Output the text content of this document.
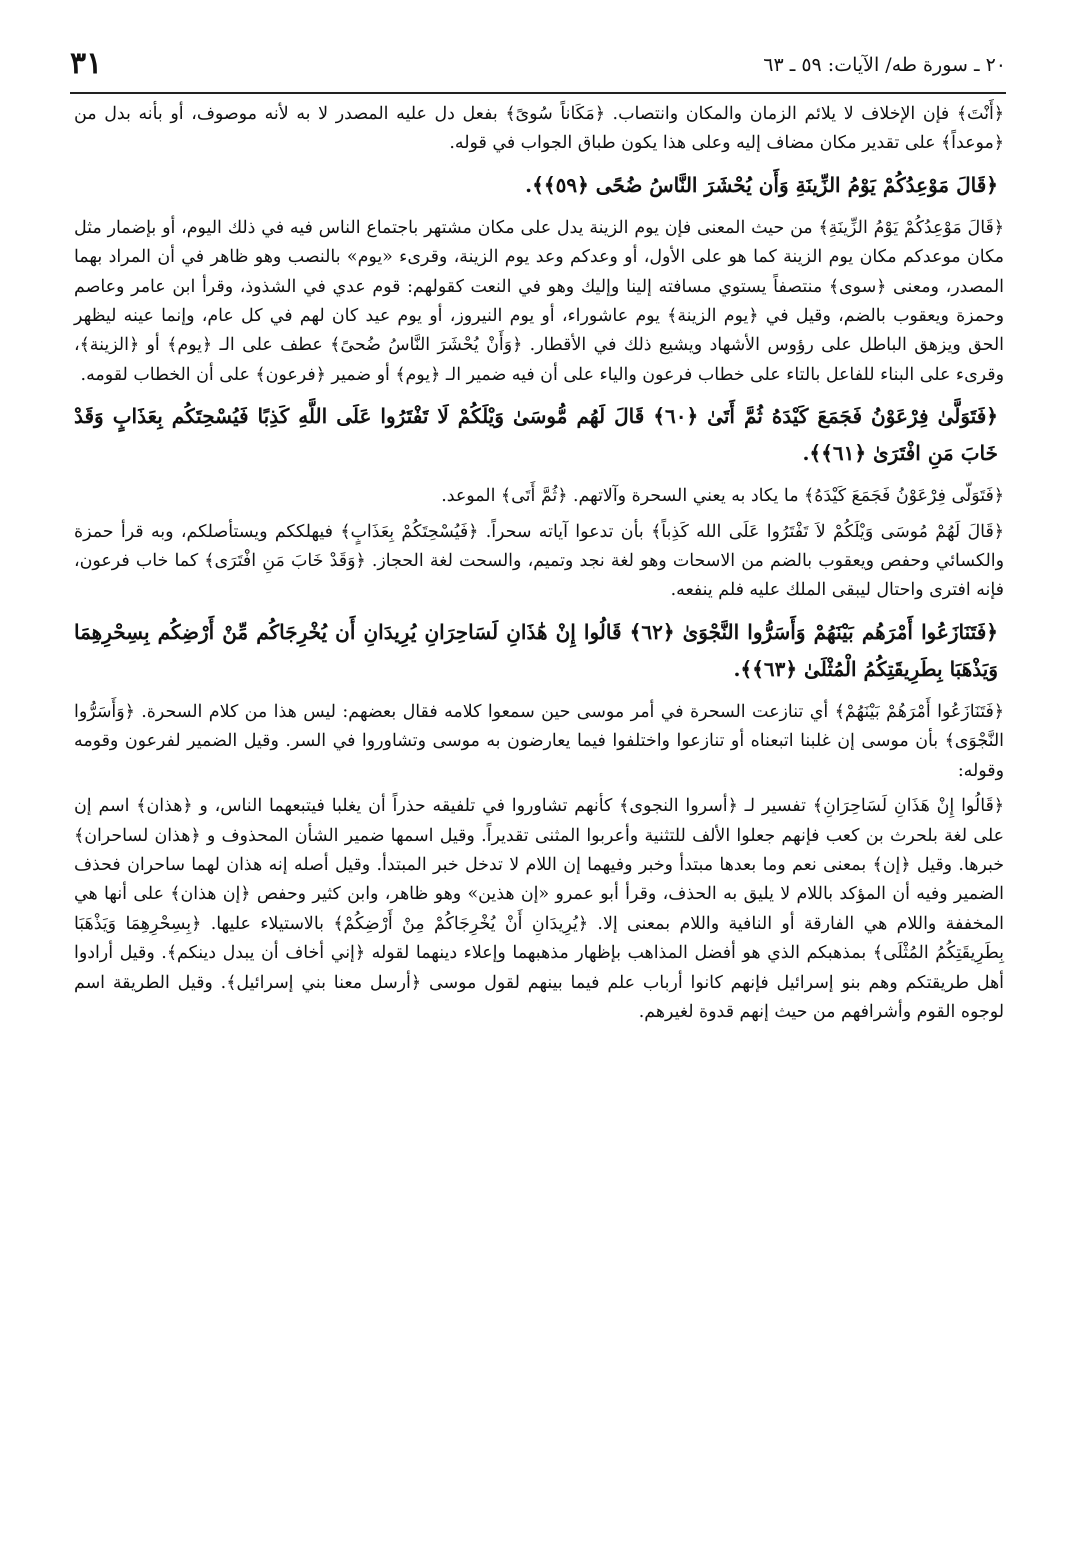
٣١	٢٠ ـ سورة طه/ الآيات: ٥٩ ـ ٦٣

﴿أَنْتَ﴾ فإن الإخلاف لا يلائم الزمان والمكان وانتصاب. ﴿مَكَاناً سُوىً﴾ بفعل دل عليه المصدر لا به لأنه موصوف، أو بأنه بدل من ﴿موعداً﴾ على تقدير مكان مضاف إليه وعلى هذا يكون طباق الجواب في قوله.

﴿قَالَ مَوْعِدُكُمْ يَوْمُ الزِّينَةِ وَأَن يُحْشَرَ النَّاسُ ضُحًى ﴿٥٩﴾﴾.

﴿قَالَ مَوْعِدُكُمْ يَوْمُ الزِّينَةِ﴾ من حيث المعنى فإن يوم الزينة يدل على مكان مشتهر باجتماع الناس فيه في ذلك اليوم، أو بإضمار مثل مكان موعدكم مكان يوم الزينة كما هو على الأول، أو وعدكم وعد يوم الزينة، وقرىء «يوم» بالنصب وهو ظاهر في أن المراد بهما المصدر، ومعنى ﴿سوى﴾ منتصفاً يستوي مسافته إلينا وإليك وهو في النعت كقولهم: قوم عدي في الشذوذ، وقرأ ابن عامر وعاصم وحمزة ويعقوب بالضم، وقيل في ﴿يوم الزينة﴾ يوم عاشوراء، أو يوم النيروز، أو يوم عيد كان لهم في كل عام، وإنما عينه ليظهر الحق ويزهق الباطل على رؤوس الأشهاد ويشيع ذلك في الأقطار. ﴿وَأَنْ يُحْشَرَ النَّاسُ ضُحىً﴾ عطف على الـ ﴿يوم﴾ أو ﴿الزينة﴾، وقرىء على البناء للفاعل بالتاء على خطاب فرعون والياء على أن فيه ضمير الـ ﴿يوم﴾ أو ضمير ﴿فرعون﴾ على أن الخطاب لقومه.

﴿فَتَوَلَّىٰ فِرْعَوْنُ فَجَمَعَ كَيْدَهُ ثُمَّ أَتَىٰ ﴿٦٠﴾ قَالَ لَهُم مُّوسَىٰ وَيْلَكُمْ لَا تَفْتَرُوا عَلَى اللَّهِ كَذِبًا فَيُسْحِتَكُم بِعَذَابٍ وَقَدْ خَابَ مَنِ افْتَرَىٰ ﴿٦١﴾﴾.

﴿فَتَوَلّى فِرْعَوْنُ فَجَمَعَ كَيْدَهُ﴾ ما يكاد به يعني السحرة وآلاتهم. ﴿ثُمَّ أَتَى﴾ الموعد.

﴿قَالَ لَهُمْ مُوسَى وَيْلَكُمْ لاَ تَفْتَرُوا عَلَى الله كَذِباً﴾ بأن تدعوا آياته سحراً. ﴿فَيُسْحِتَكُمْ بِعَذَابٍ﴾ فيهلككم ويستأصلكم، وبه قرأ حمزة والكسائي وحفص ويعقوب بالضم من الاسحات وهو لغة نجد وتميم، والسحت لغة الحجاز. ﴿وَقَدْ خَابَ مَنِ افْتَرَى﴾ كما خاب فرعون، فإنه افترى واحتال ليبقى الملك عليه فلم ينفعه.

﴿فَتَنَازَعُوا أَمْرَهُم بَيْنَهُمْ وَأَسَرُّوا النَّجْوَىٰ ﴿٦٢﴾ قَالُوا إِنْ هَٰذَانِ لَسَاحِرَانِ يُرِيدَانِ أَن يُخْرِجَاكُم مِّنْ أَرْضِكُم بِسِحْرِهِمَا وَيَذْهَبَا بِطَرِيقَتِكُمُ الْمُثْلَىٰ ﴿٦٣﴾﴾.

﴿فَتَنَازَعُوا أَمْرَهُمْ بَيْنَهُمْ﴾ أي تنازعت السحرة في أمر موسى حين سمعوا كلامه فقال بعضهم: ليس هذا من كلام السحرة. ﴿وَأَسَرُّوا النَّجْوَى﴾ بأن موسى إن غلبنا اتبعناه أو تنازعوا واختلفوا فيما يعارضون به موسى وتشاوروا في السر. وقيل الضمير لفرعون وقومه وقوله:

﴿قَالُوا إِنْ هَذَانِ لَسَاحِرَانِ﴾ تفسير لـ ﴿أسروا النجوى﴾ كأنهم تشاوروا في تلفيقه حذراً أن يغلبا فيتبعهما الناس، و ﴿هذان﴾ اسم إن على لغة بلحرث بن كعب فإنهم جعلوا الألف للتثنية وأعربوا المثنى تقديراً. وقيل اسمها ضمير الشأن المحذوف و ﴿هذان لساحران﴾ خبرها. وقيل ﴿إن﴾ بمعنى نعم وما بعدها مبتدأ وخبر وفيهما إن اللام لا تدخل خبر المبتدأ. وقيل أصله إنه هذان لهما ساحران فحذف الضمير وفيه أن المؤكد باللام لا يليق به الحذف، وقرأ أبو عمرو «إن هذين» وهو ظاهر، وابن كثير وحفص ﴿إن هذان﴾ على أنها هي المخففة واللام هي الفارقة أو النافية واللام بمعنى إلا. ﴿يُرِيدَانِ أَنْ يُخْرِجَاكُمْ مِنْ أَرْضِكُمْ﴾ بالاستيلاء عليها. ﴿بِسِحْرِهِمَا وَيَذْهَبَا بِطَرِيقَتِكُمُ المُثْلَى﴾ بمذهبكم الذي هو أفضل المذاهب بإظهار مذهبهما وإعلاء دينهما لقوله ﴿إني أخاف أن يبدل دينكم﴾. وقيل أرادوا أهل طريقتكم وهم بنو إسرائيل فإنهم كانوا أرباب علم فيما بينهم لقول موسى ﴿أرسل معنا بني إسرائيل﴾. وقيل الطريقة اسم لوجوه القوم وأشرافهم من حيث إنهم قدوة لغيرهم.
